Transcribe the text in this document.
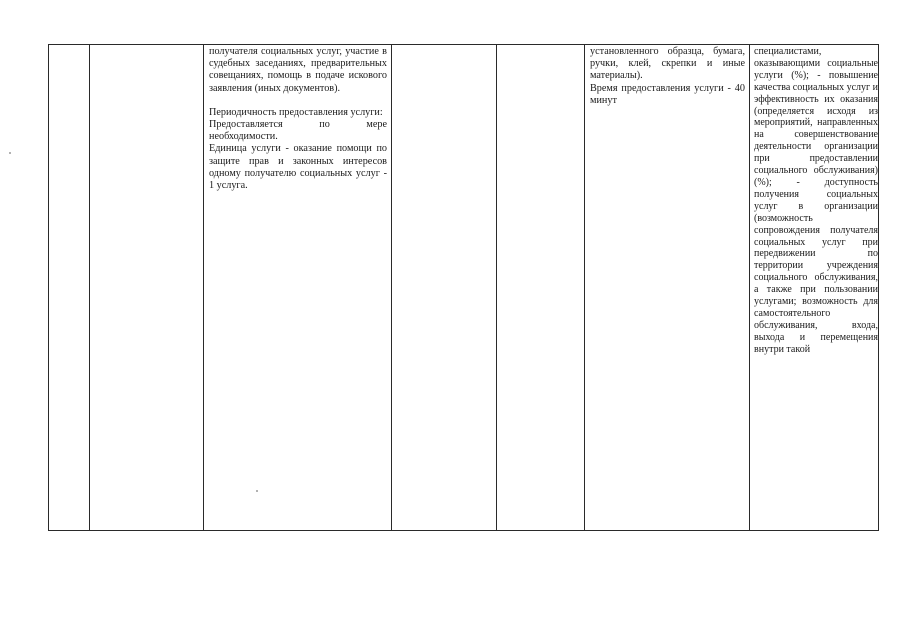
получателя социальных услуг, участие в судебных заседаниях, предварительных совещаниях, помощь в подаче искового заявления (иных документов).

Периодичность предоставления услуги:

Предоставляется по мере необходимости.

Единица услуги - оказание помощи по защите прав и законных интересов одному получателю социальных услуг - 1 услуга.

установленного образца, бумага, ручки, клей, скрепки и иные материалы).

Время предоставления услуги - 40 минут

специалистами, оказывающими социальные услуги (%); - повышение качества социальных услуг и эффективность их оказания (определяется исходя из мероприятий, направленных на совершенствование деятельности организации при предоставлении социального обслуживания) (%); - доступность получения социальных услуг в организации (возможность сопровождения получателя социальных услуг при передвижении по территории учреждения социального обслуживания, а также при пользовании услугами; возможность для самостоятельного обслуживания, входа, выхода и перемещения внутри такой
